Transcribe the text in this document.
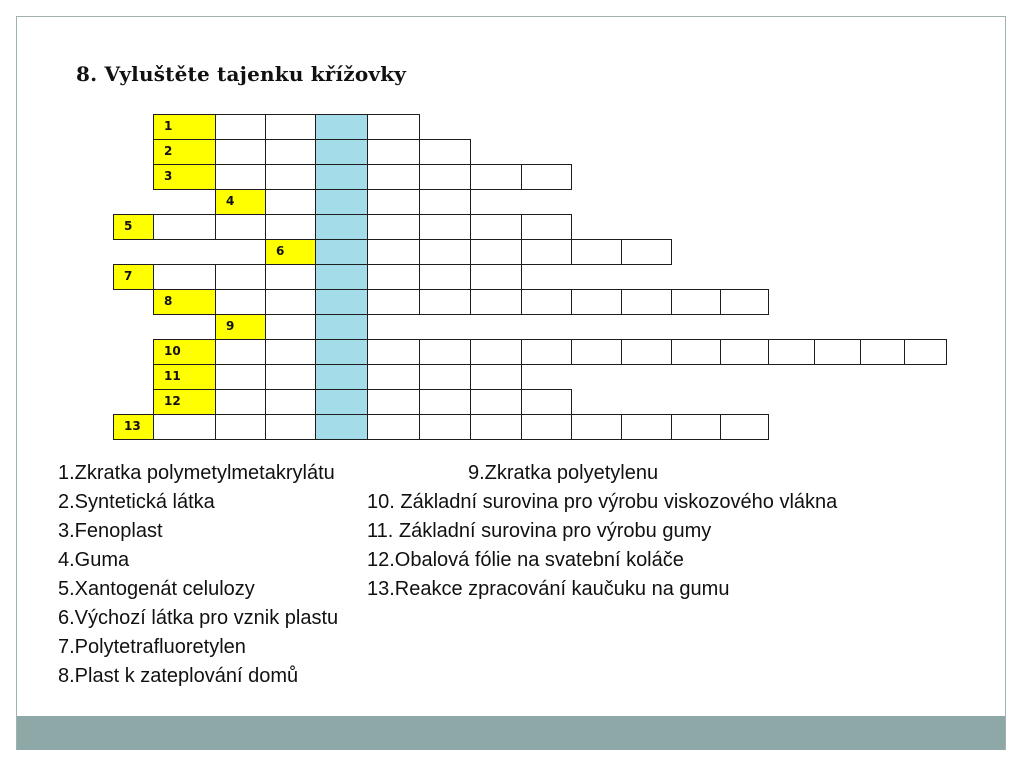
8. Vyluštěte tajenku křížovky
1
2
3
4
5
6
7
8
9
10
11
12
13
1.Zkratka polymetylmetakrylátu
2.Syntetická látka
3.Fenoplast
4.Guma
5.Xantogenát celulozy
6.Výchozí látka pro vznik plastu
7.Polytetrafluoretylen
8.Plast k zateplování domů
9.Zkratka polyetylenu
10. Základní surovina pro výrobu viskozového vlákna
11. Základní surovina pro výrobu gumy
12.Obalová fólie na svatební koláče
13.Reakce zpracování kaučuku na gumu
